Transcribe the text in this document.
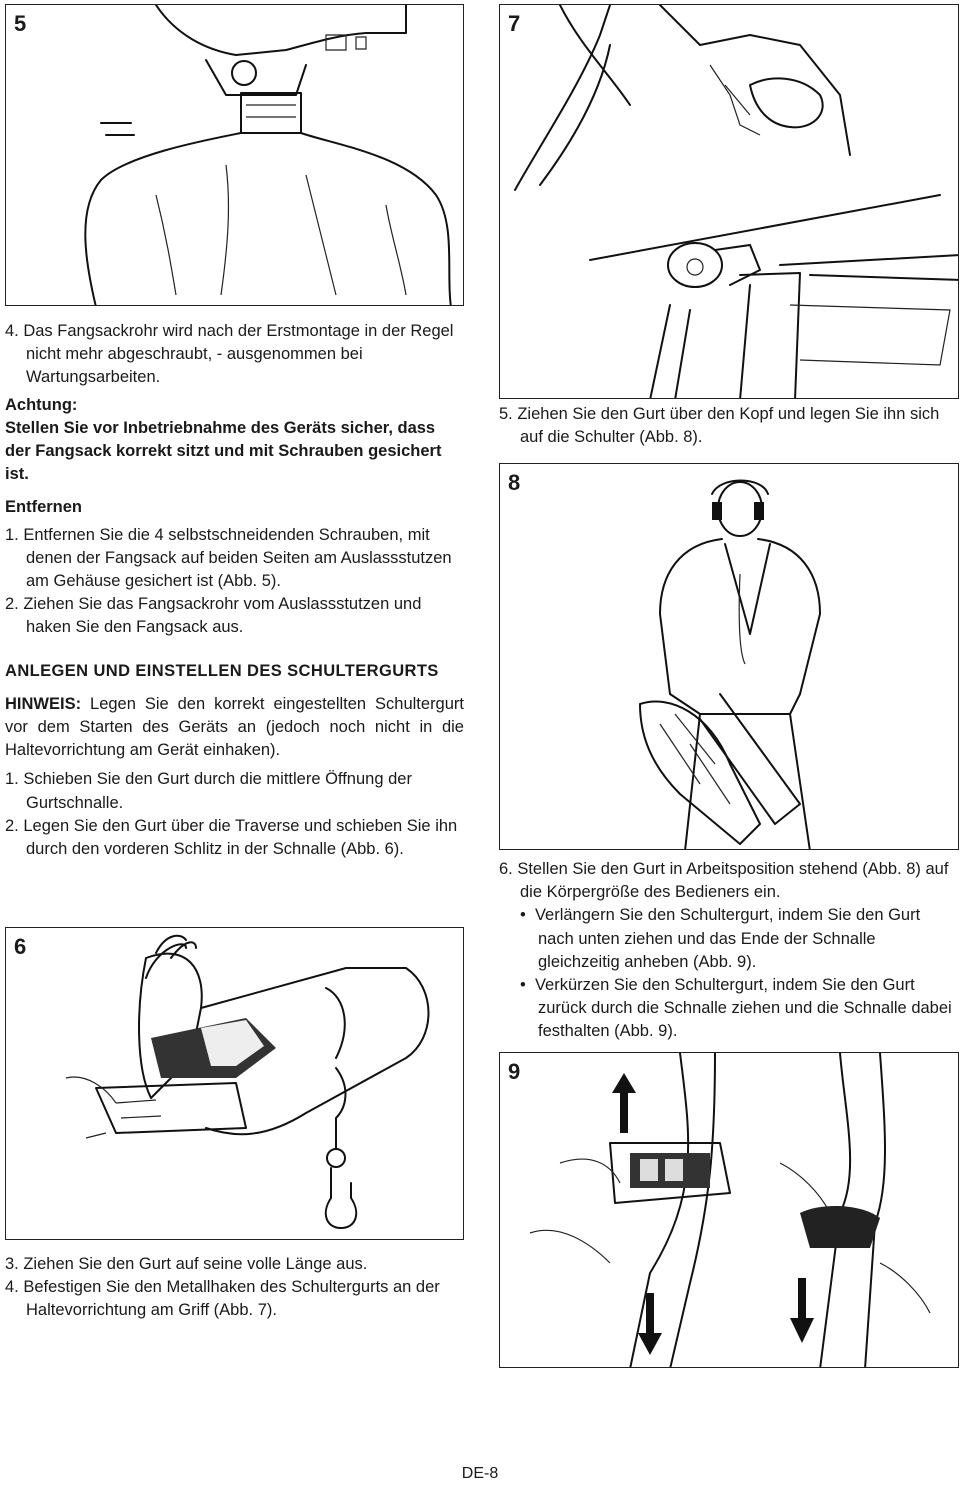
5	7

5. Ziehen Sie den Gurt über den Kopf und legen Sie ihn sich auf die Schulter (Abb. 8).

8

6. Stellen Sie den Gurt in Arbeitsposition stehend (Abb. 8) auf die Körpergröße des Bedieners ein.

• Verlängern Sie den Schultergurt, indem Sie den Gurt nach unten ziehen und das Ende der Schnalle gleichzeitig anheben (Abb. 9).
• Verkürzen Sie den Schultergurt, indem Sie den Gurt zurück durch die Schnalle ziehen und die Schnalle dabei festhalten (Abb. 9).
9

4. Das Fangsackrohr wird nach der Erstmontage in der Regel nicht mehr abgeschraubt, - ausgenommen bei Wartungsarbeiten.

Achtung:

Stellen Sie vor Inbetriebnahme des Geräts sicher, dass der Fangsack korrekt sitzt und mit Schrauben gesichert ist.

Entfernen

1. Entfernen Sie die 4 selbstschneidenden Schrauben, mit denen der Fangsack auf beiden Seiten am Auslassstutzen am Gehäuse gesichert ist (Abb. 5).

2. Ziehen Sie das Fangsackrohr vom Auslassstutzen und haken Sie den Fangsack aus.

ANLEGEN UND EINSTELLEN DES SCHULTERGURTS

HINWEIS: Legen Sie den korrekt eingestellten Schultergurt vor dem Starten des Geräts an (jedoch noch nicht in die Haltevorrichtung am Gerät einhaken).

1. Schieben Sie den Gurt durch die mittlere Öffnung der Gurtschnalle.

2. Legen Sie den Gurt über die Traverse und schieben Sie ihn durch den vorderen Schlitz in der Schnalle (Abb. 6).

6

3. Ziehen Sie den Gurt auf seine volle Länge aus.

4. Befestigen Sie den Metallhaken des Schultergurts an der Haltevorrichtung am Griff (Abb. 7).

DE-8
